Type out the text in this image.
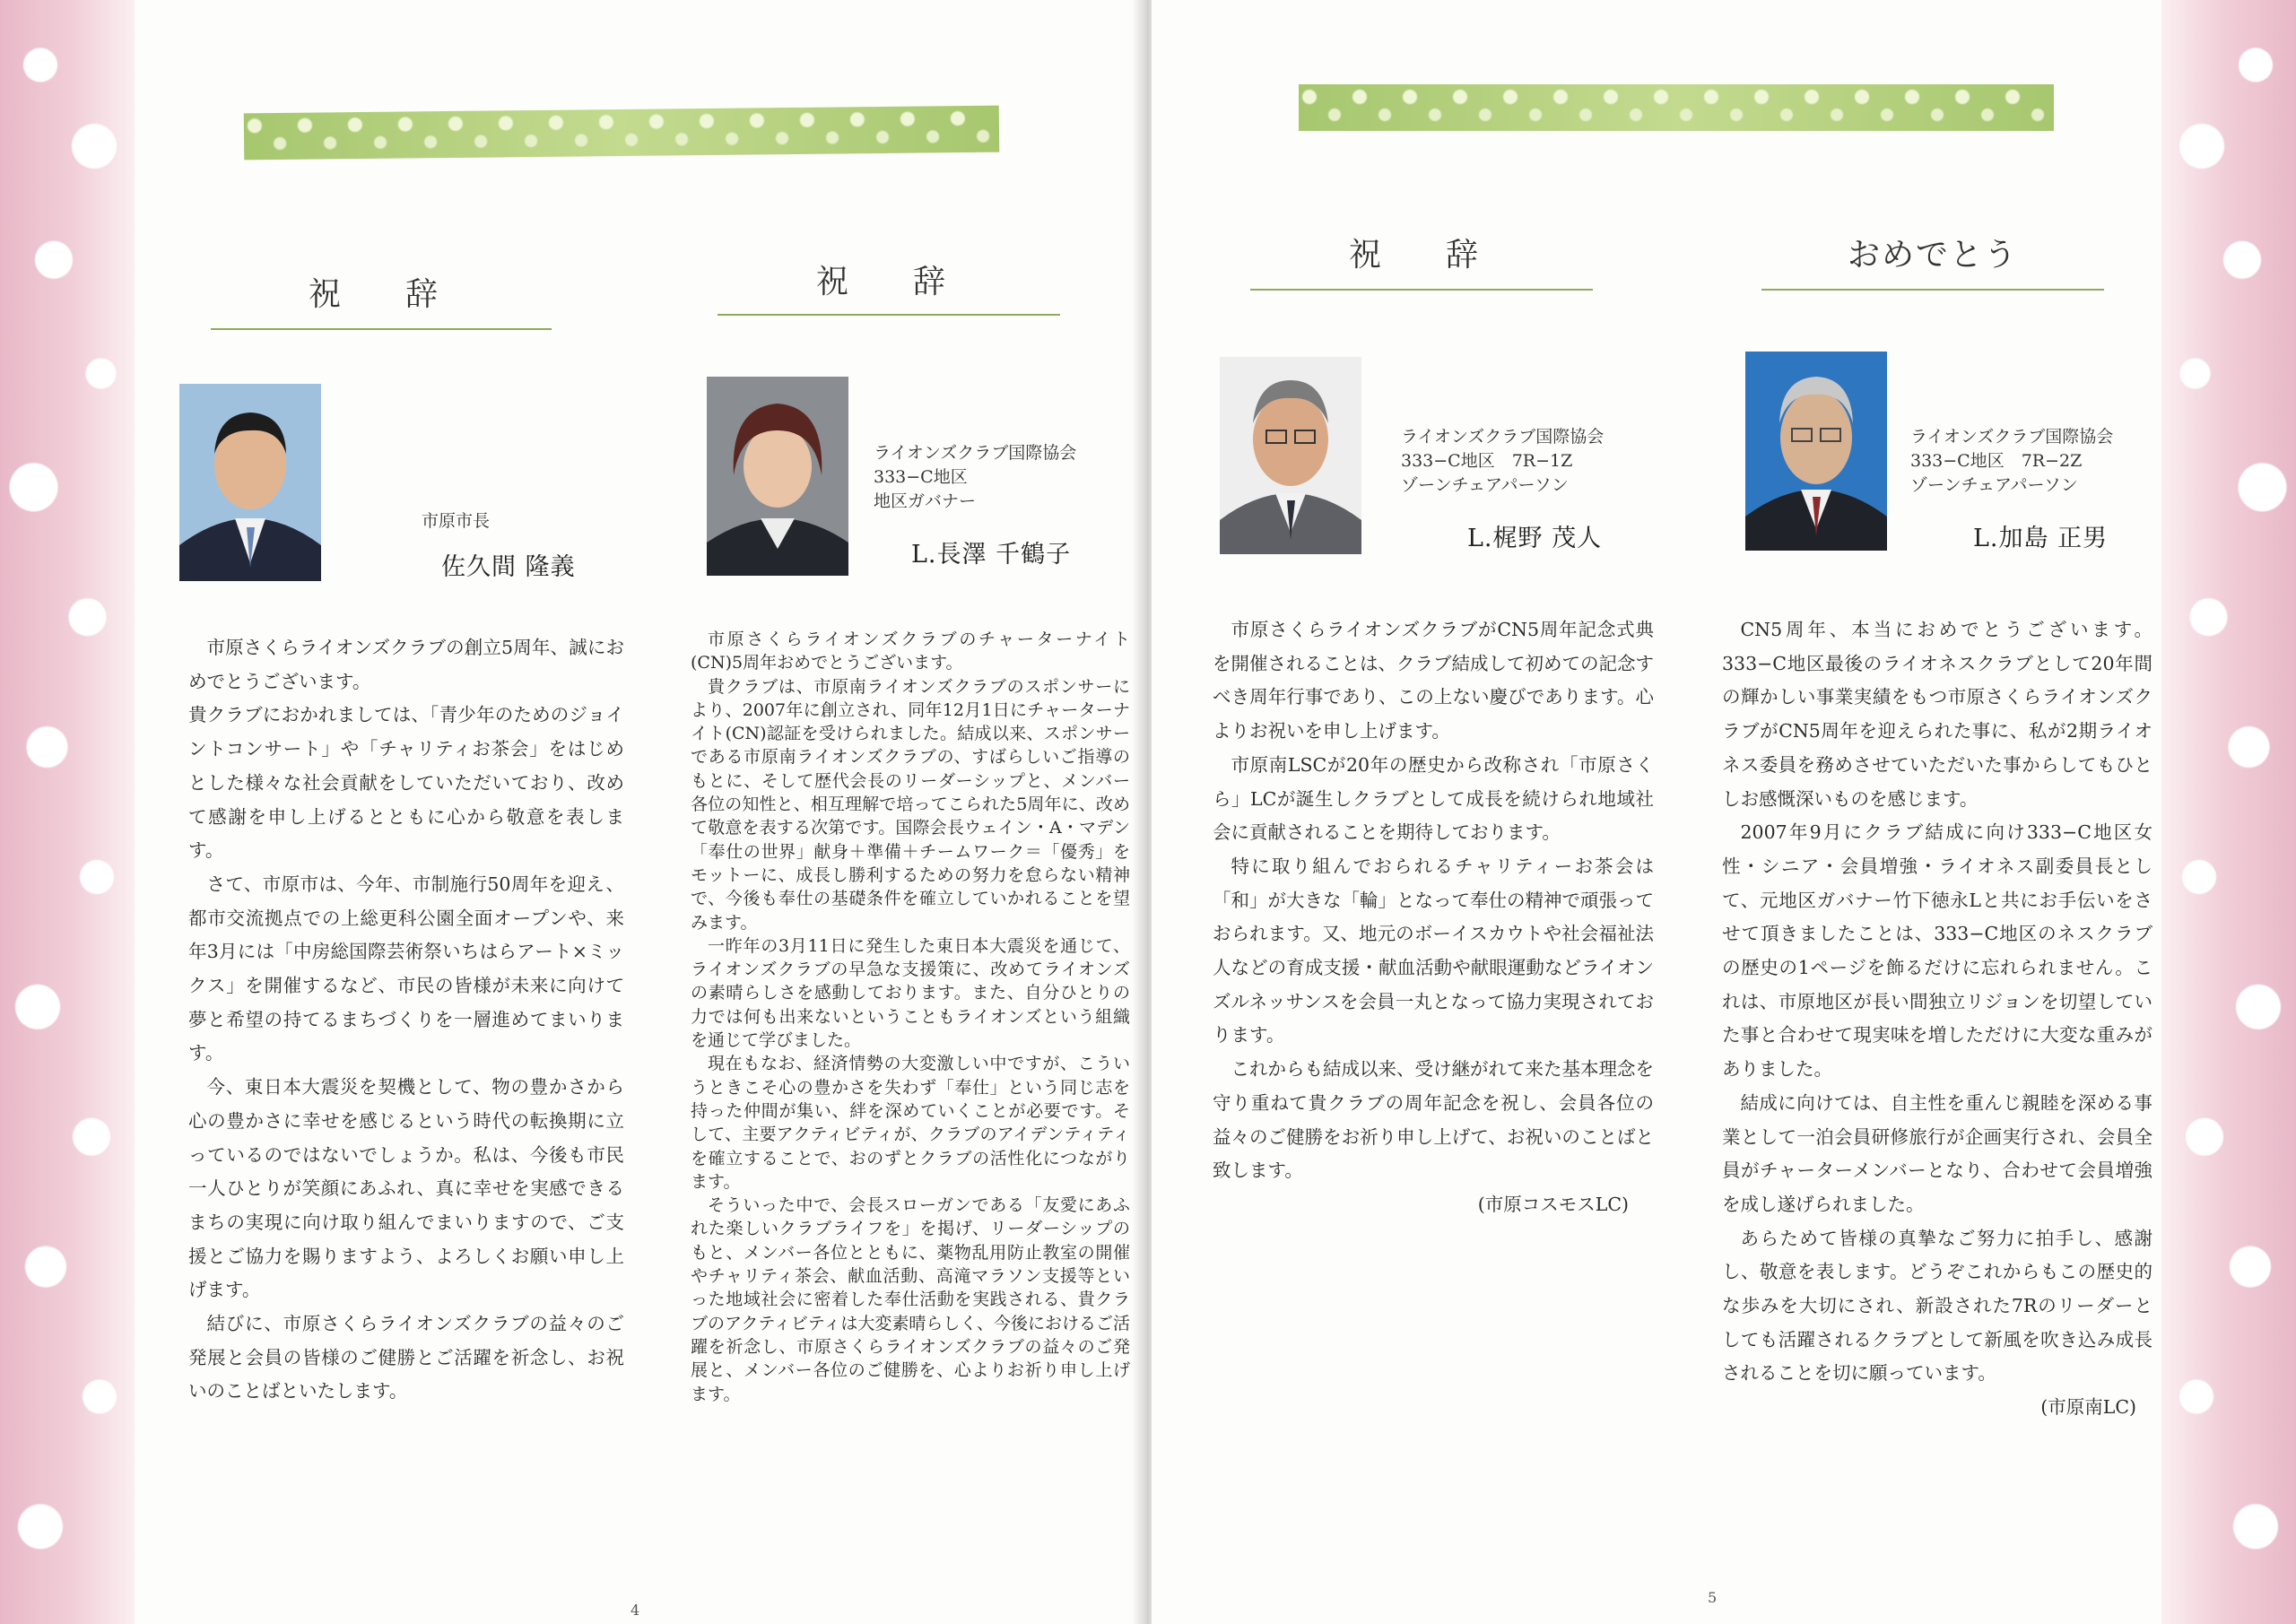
祝　辞
市原市長
佐久間 隆義

市原さくらライオンズクラブの創立5周年、誠におめでとうございます。

貴クラブにおかれましては、「青少年のためのジョイントコンサート」や「チャリティお茶会」をはじめとした様々な社会貢献をしていただいており、改めて感謝を申し上げるとともに心から敬意を表します。

さて、市原市は、今年、市制施行50周年を迎え、都市交流拠点での上総更科公園全面オープンや、来年3月には「中房総国際芸術祭いちはらアート×ミックス」を開催するなど、市民の皆様が未来に向けて夢と希望の持てるまちづくりを一層進めてまいります。

今、東日本大震災を契機として、物の豊かさから心の豊かさに幸せを感じるという時代の転換期に立っているのではないでしょうか。私は、今後も市民一人ひとりが笑顔にあふれ、真に幸せを実感できるまちの実現に向け取り組んでまいりますので、ご支援とご協力を賜りますよう、よろしくお願い申し上げます。

結びに、市原さくらライオンズクラブの益々のご発展と会員の皆様のご健勝とご活躍を祈念し、お祝いのことばといたします。

祝　辞
ライオンズクラブ国際協会
333−C地区
地区ガバナー
L.長澤 千鶴子

市原さくらライオンズクラブのチャーターナイト(CN)5周年おめでとうございます。

貴クラブは、市原南ライオンズクラブのスポンサーにより、2007年に創立され、同年12月1日にチャーターナイト(CN)認証を受けられました。結成以来、スポンサーである市原南ライオンズクラブの、すばらしいご指導のもとに、そして歴代会長のリーダーシップと、メンバー各位の知性と、相互理解で培ってこられた5周年に、改めて敬意を表する次第です。国際会長ウェイン・A・マデン「奉仕の世界」献身＋準備＋チームワーク＝「優秀」をモットーに、成長し勝利するための努力を怠らない精神で、今後も奉仕の基礎条件を確立していかれることを望みます。

一昨年の3月11日に発生した東日本大震災を通じて、ライオンズクラブの早急な支援策に、改めてライオンズの素晴らしさを感動しております。また、自分ひとりの力では何も出来ないということもライオンズという組織を通じて学びました。

現在もなお、経済情勢の大変激しい中ですが、こういうときこそ心の豊かさを失わず「奉仕」という同じ志を持った仲間が集い、絆を深めていくことが必要です。そして、主要アクティビティが、クラブのアイデンティティを確立することで、おのずとクラブの活性化につながります。

そういった中で、会長スローガンである「友愛にあふれた楽しいクラブライフを」を掲げ、リーダーシップのもと、メンバー各位とともに、薬物乱用防止教室の開催やチャリティ茶会、献血活動、高滝マラソン支援等といった地域社会に密着した奉仕活動を実践される、貴クラブのアクティビティは大変素晴らしく、今後におけるご活躍を祈念し、市原さくらライオンズクラブの益々のご発展と、メンバー各位のご健勝を、心よりお祈り申し上げます。

4
祝　辞
ライオンズクラブ国際協会
333−C地区　7R−1Z
ゾーンチェアパーソン
L.梶野 茂人

市原さくらライオンズクラブがCN5周年記念式典を開催されることは、クラブ結成して初めての記念すべき周年行事であり、この上ない慶びであります。心よりお祝いを申し上げます。

市原南LSCが20年の歴史から改称され「市原さくら」LCが誕生しクラブとして成長を続けられ地域社会に貢献されることを期待しております。

特に取り組んでおられるチャリティーお茶会は「和」が大きな「輪」となって奉仕の精神で頑張っておられます。又、地元のボーイスカウトや社会福祉法人などの育成支援・献血活動や献眼運動などライオンズルネッサンスを会員一丸となって協力実現されております。

これからも結成以来、受け継がれて来た基本理念を守り重ねて貴クラブの周年記念を祝し、会員各位の益々のご健勝をお祈り申し上げて、お祝いのことばと致します。

(市原コスモスLC)

おめでとう
ライオンズクラブ国際協会
333−C地区　7R−2Z
ゾーンチェアパーソン
L.加島 正男

CN5周年、本当におめでとうございます。333−C地区最後のライオネスクラブとして20年間の輝かしい事業実績をもつ市原さくらライオンズクラブがCN5周年を迎えられた事に、私が2期ライオネス委員を務めさせていただいた事からしてもひとしお感慨深いものを感じます。

2007年9月にクラブ結成に向け333−C地区女性・シニア・会員増強・ライオネス副委員長として、元地区ガバナー竹下徳永Lと共にお手伝いをさせて頂きましたことは、333−C地区のネスクラブの歴史の1ページを飾るだけに忘れられません。これは、市原地区が長い間独立リジョンを切望していた事と合わせて現実味を増しただけに大変な重みがありました。

結成に向けては、自主性を重んじ親睦を深める事業として一泊会員研修旅行が企画実行され、会員全員がチャーターメンバーとなり、合わせて会員増強を成し遂げられました。

あらためて皆様の真摯なご努力に拍手し、感謝し、敬意を表します。どうぞこれからもこの歴史的な歩みを大切にされ、新設された7Rのリーダーとしても活躍されるクラブとして新風を吹き込み成長されることを切に願っています。

(市原南LC)

5
